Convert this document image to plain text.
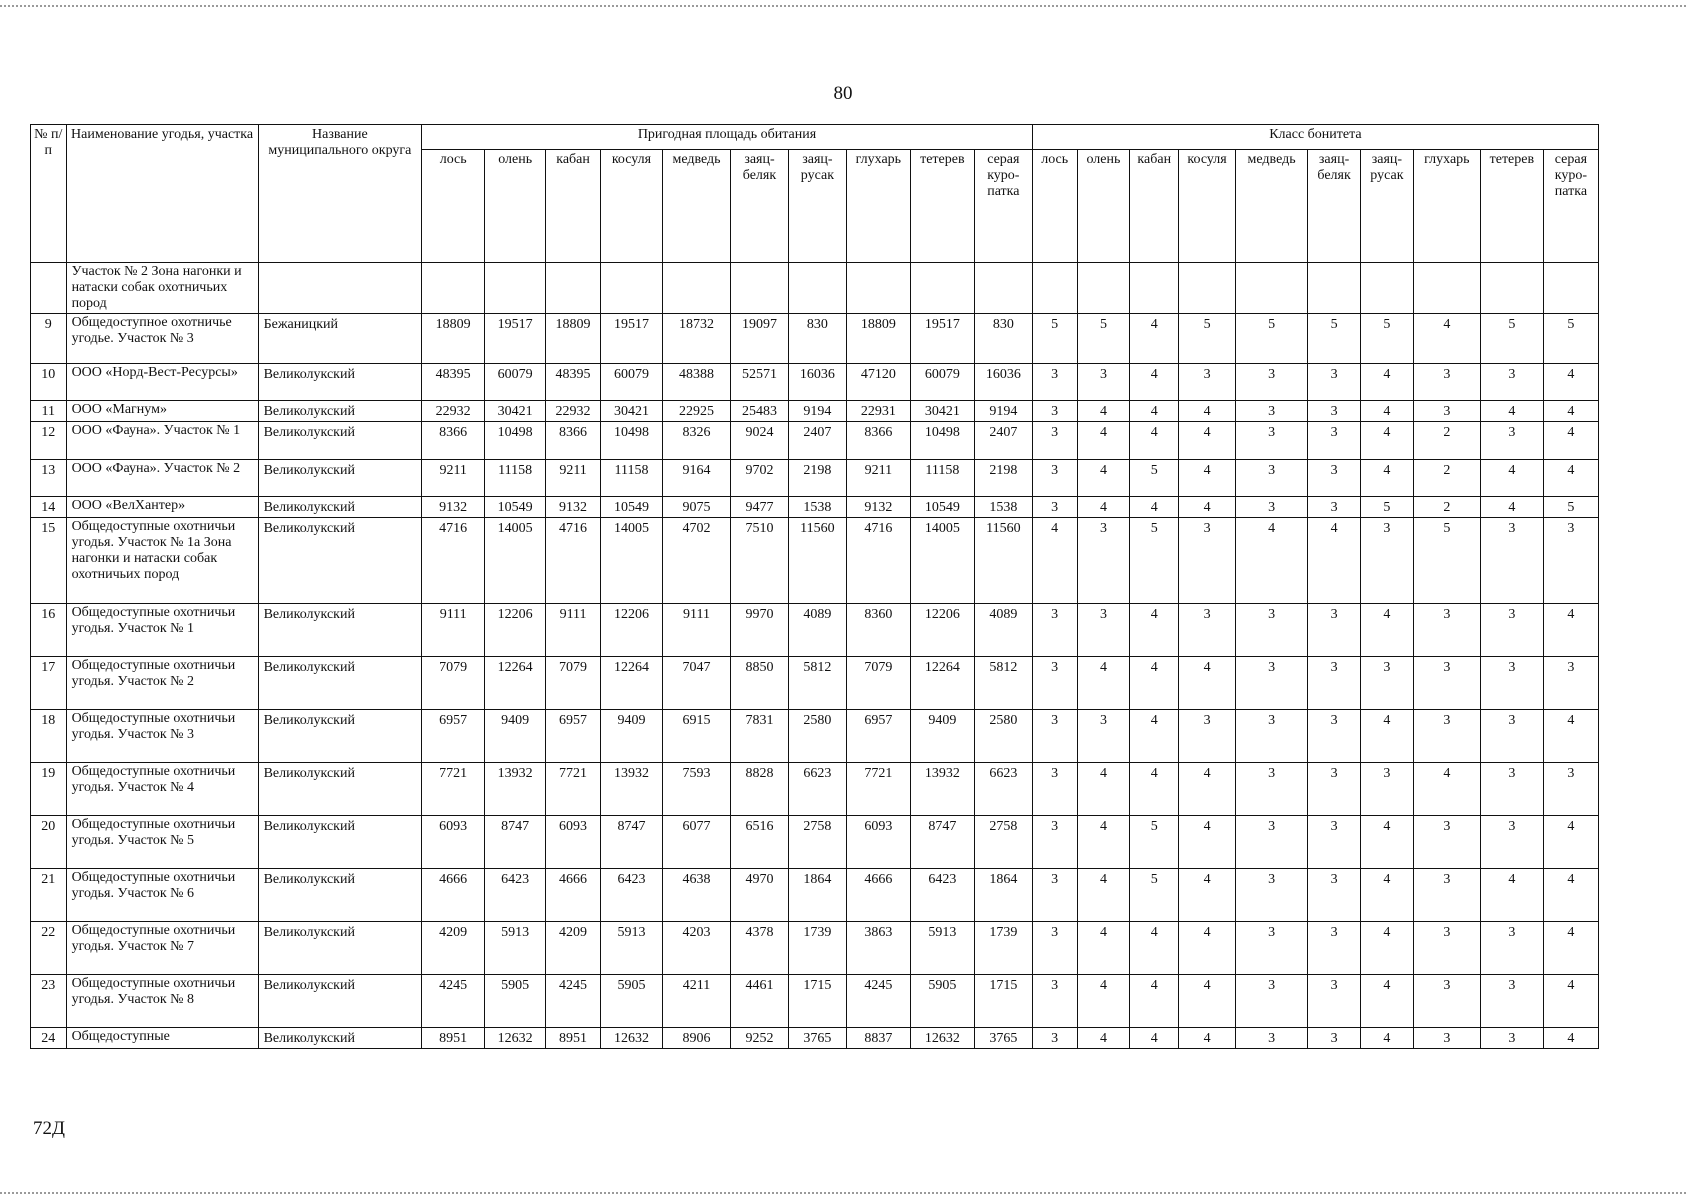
80
№ п/п	Наименование угодья, участка	Название муниципального округа	Пригодная площадь обитания										Класс бонитета									
			лось	олень	кабан	косуля	медведь	заяц-беляк	заяц-русак	глухарь	тетерев	серая куро-патка	лось	олень	кабан	косуля	медведь	заяц-беляк	заяц-русак	глухарь	тетерев	серая куро-патка
	Участок № 2 Зона нагонки и натаски собак охотничьих пород																					
9	Общедоступное охотничье угодье. Участок № 3	Бежаницкий	18809	19517	18809	19517	18732	19097	830	18809	19517	830	5	5	4	5	5	5	5	4	5	5
10	ООО «Норд-Вест-Ресурсы»	Великолукский	48395	60079	48395	60079	48388	52571	16036	47120	60079	16036	3	3	4	3	3	3	4	3	3	4
11	ООО «Магнум»	Великолукский	22932	30421	22932	30421	22925	25483	9194	22931	30421	9194	3	4	4	4	3	3	4	3	4	4
12	ООО «Фауна». Участок № 1	Великолукский	8366	10498	8366	10498	8326	9024	2407	8366	10498	2407	3	4	4	4	3	3	4	2	3	4
13	ООО «Фауна». Участок № 2	Великолукский	9211	11158	9211	11158	9164	9702	2198	9211	11158	2198	3	4	5	4	3	3	4	2	4	4
14	ООО «ВелХантер»	Великолукский	9132	10549	9132	10549	9075	9477	1538	9132	10549	1538	3	4	4	4	3	3	5	2	4	5
15	Общедоступные охотничьи угодья. Участок № 1а Зона нагонки и натаски собак охотничьих пород	Великолукский	4716	14005	4716	14005	4702	7510	11560	4716	14005	11560	4	3	5	3	4	4	3	5	3	3
16	Общедоступные охотничьи угодья. Участок № 1	Великолукский	9111	12206	9111	12206	9111	9970	4089	8360	12206	4089	3	3	4	3	3	3	4	3	3	4
17	Общедоступные охотничьи угодья. Участок № 2	Великолукский	7079	12264	7079	12264	7047	8850	5812	7079	12264	5812	3	4	4	4	3	3	3	3	3	3
18	Общедоступные охотничьи угодья. Участок № 3	Великолукский	6957	9409	6957	9409	6915	7831	2580	6957	9409	2580	3	3	4	3	3	3	4	3	3	4
19	Общедоступные охотничьи угодья. Участок № 4	Великолукский	7721	13932	7721	13932	7593	8828	6623	7721	13932	6623	3	4	4	4	3	3	3	4	3	3
20	Общедоступные охотничьи угодья. Участок № 5	Великолукский	6093	8747	6093	8747	6077	6516	2758	6093	8747	2758	3	4	5	4	3	3	4	3	3	4
21	Общедоступные охотничьи угодья. Участок № 6	Великолукский	4666	6423	4666	6423	4638	4970	1864	4666	6423	1864	3	4	5	4	3	3	4	3	4	4
22	Общедоступные охотничьи угодья. Участок № 7	Великолукский	4209	5913	4209	5913	4203	4378	1739	3863	5913	1739	3	4	4	4	3	3	4	3	3	4
23	Общедоступные охотничьи угодья. Участок № 8	Великолукский	4245	5905	4245	5905	4211	4461	1715	4245	5905	1715	3	4	4	4	3	3	4	3	3	4
24	Общедоступные	Великолукский	8951	12632	8951	12632	8906	9252	3765	8837	12632	3765	3	4	4	4	3	3	4	3	3	4
72Д
